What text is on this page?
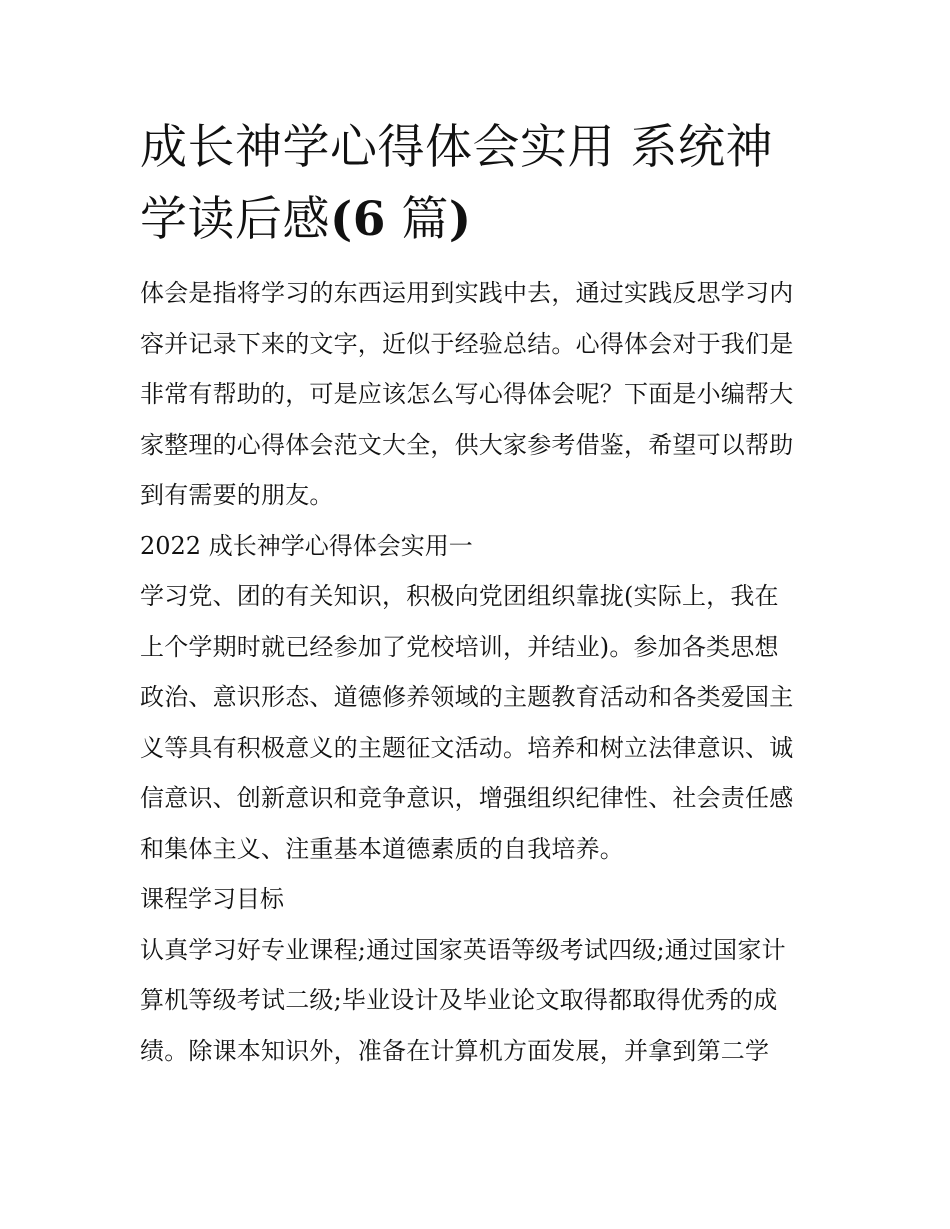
成长神学心得体会实用 系统神
学读后感(6 篇)

体会是指将学习的东西运用到实践中去，通过实践反思学习内
容并记录下来的文字，近似于经验总结。心得体会对于我们是
非常有帮助的，可是应该怎么写心得体会呢？下面是小编帮大
家整理的心得体会范文大全，供大家参考借鉴，希望可以帮助
到有需要的朋友。

2022 成长神学心得体会实用一

学习党、团的有关知识，积极向党团组织靠拢(实际上，我在
上个学期时就已经参加了党校培训，并结业)。参加各类思想
政治、意识形态、道德修养领域的主题教育活动和各类爱国主
义等具有积极意义的主题征文活动。培养和树立法律意识、诚
信意识、创新意识和竞争意识，增强组织纪律性、社会责任感
和集体主义、注重基本道德素质的自我培养。

课程学习目标

认真学习好专业课程;通过国家英语等级考试四级;通过国家计
算机等级考试二级;毕业设计及毕业论文取得都取得优秀的成
绩。除课本知识外，准备在计算机方面发展，并拿到第二学
